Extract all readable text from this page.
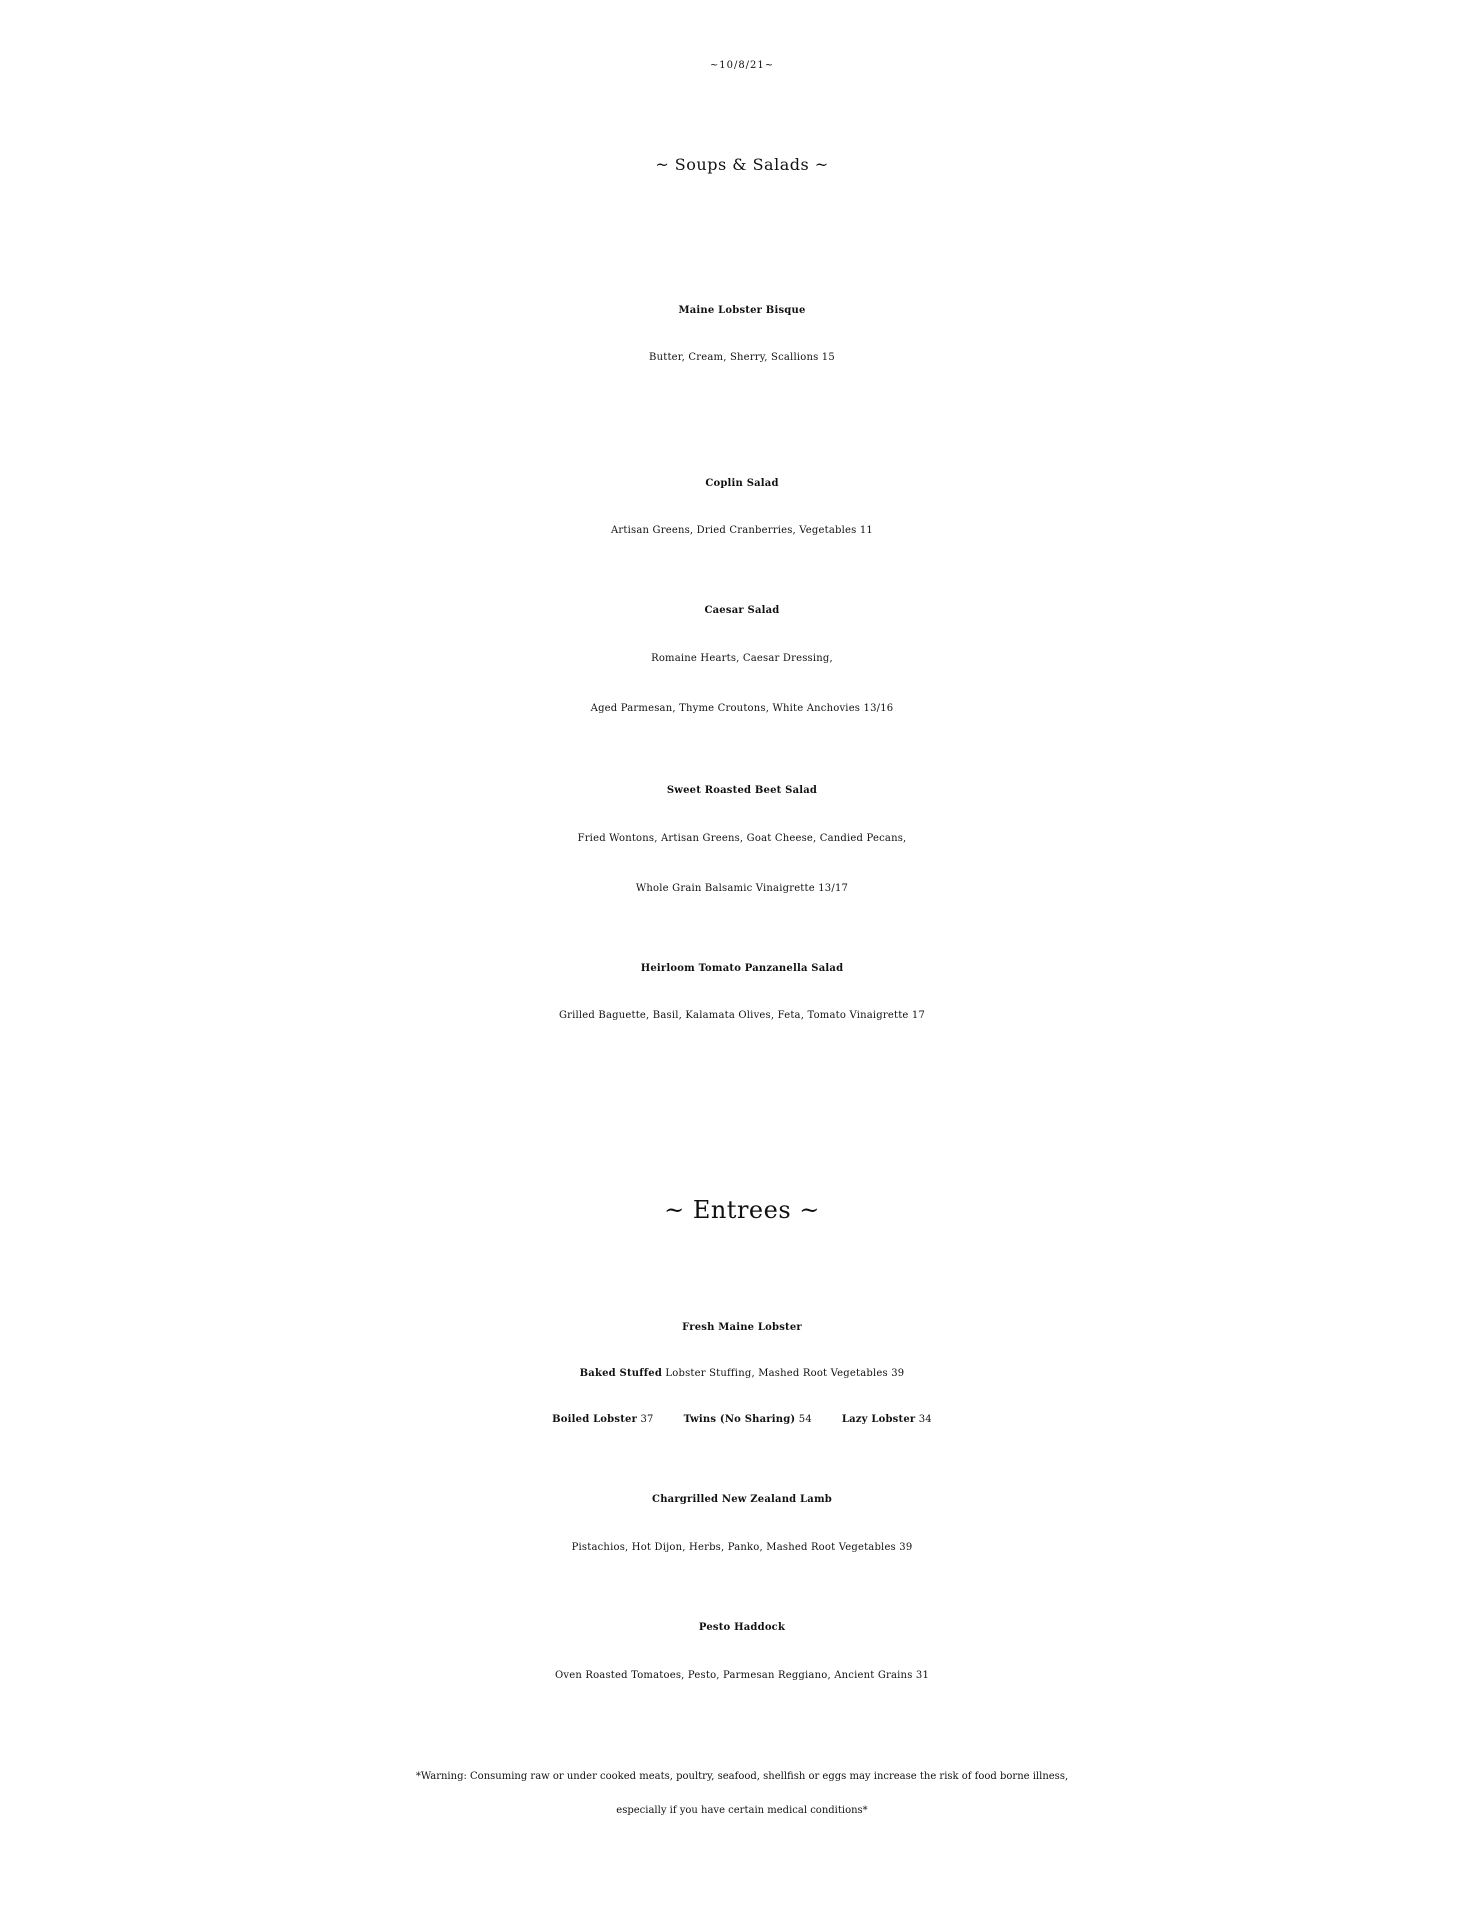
~10/8/21~
~ Soups & Salads ~
Maine Lobster Bisque
Butter, Cream, Sherry, Scallions 15
Coplin Salad
Artisan Greens, Dried Cranberries, Vegetables 11
Caesar Salad
Romaine Hearts, Caesar Dressing,
Aged Parmesan, Thyme Croutons, White Anchovies 13/16
Sweet Roasted Beet Salad
Fried Wontons, Artisan Greens, Goat Cheese, Candied Pecans,
Whole Grain Balsamic Vinaigrette 13/17
Heirloom Tomato Panzanella Salad
Grilled Baguette, Basil, Kalamata Olives, Feta, Tomato Vinaigrette 17
~ Entrees ~
Fresh Maine Lobster
Baked Stuffed Lobster Stuffing, Mashed Root Vegetables 39
Boiled Lobster 37	Twins (No Sharing) 54	Lazy Lobster 34
Chargrilled New Zealand Lamb
Pistachios, Hot Dijon, Herbs, Panko, Mashed Root Vegetables 39
Pesto Haddock
Oven Roasted Tomatoes, Pesto, Parmesan Reggiano, Ancient Grains 31
*Warning: Consuming raw or under cooked meats, poultry, seafood, shellfish or eggs may increase the risk of food borne illness,
especially if you have certain medical conditions*
